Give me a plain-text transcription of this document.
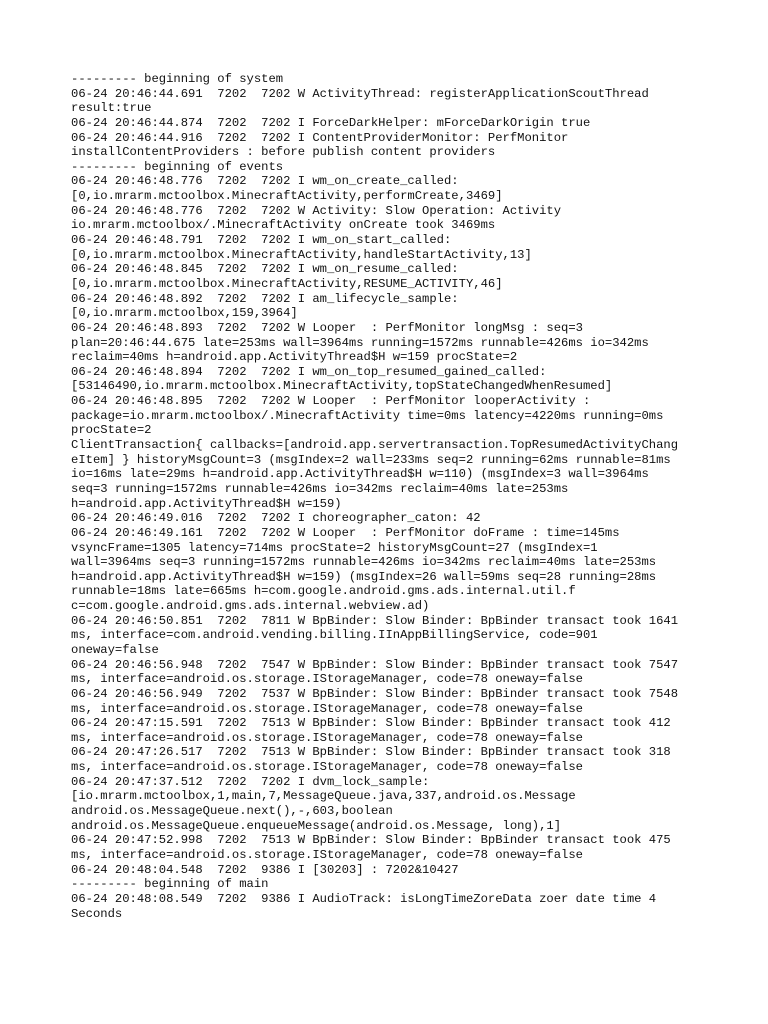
--------- beginning of system
06-24 20:46:44.691  7202  7202 W ActivityThread: registerApplicationScoutThread
result:true
06-24 20:46:44.874  7202  7202 I ForceDarkHelper: mForceDarkOrigin true
06-24 20:46:44.916  7202  7202 I ContentProviderMonitor: PerfMonitor
installContentProviders : before publish content providers
--------- beginning of events
06-24 20:46:48.776  7202  7202 I wm_on_create_called:
[0,io.mrarm.mctoolbox.MinecraftActivity,performCreate,3469]
06-24 20:46:48.776  7202  7202 W Activity: Slow Operation: Activity
io.mrarm.mctoolbox/.MinecraftActivity onCreate took 3469ms
06-24 20:46:48.791  7202  7202 I wm_on_start_called:
[0,io.mrarm.mctoolbox.MinecraftActivity,handleStartActivity,13]
06-24 20:46:48.845  7202  7202 I wm_on_resume_called:
[0,io.mrarm.mctoolbox.MinecraftActivity,RESUME_ACTIVITY,46]
06-24 20:46:48.892  7202  7202 I am_lifecycle_sample:
[0,io.mrarm.mctoolbox,159,3964]
06-24 20:46:48.893  7202  7202 W Looper  : PerfMonitor longMsg : seq=3
plan=20:46:44.675 late=253ms wall=3964ms running=1572ms runnable=426ms io=342ms
reclaim=40ms h=android.app.ActivityThread$H w=159 procState=2
06-24 20:46:48.894  7202  7202 I wm_on_top_resumed_gained_called:
[53146490,io.mrarm.mctoolbox.MinecraftActivity,topStateChangedWhenResumed]
06-24 20:46:48.895  7202  7202 W Looper  : PerfMonitor looperActivity :
package=io.mrarm.mctoolbox/.MinecraftActivity time=0ms latency=4220ms running=0ms
procState=2
ClientTransaction{ callbacks=[android.app.servertransaction.TopResumedActivityChang
eItem] } historyMsgCount=3 (msgIndex=2 wall=233ms seq=2 running=62ms runnable=81ms
io=16ms late=29ms h=android.app.ActivityThread$H w=110) (msgIndex=3 wall=3964ms
seq=3 running=1572ms runnable=426ms io=342ms reclaim=40ms late=253ms
h=android.app.ActivityThread$H w=159)
06-24 20:46:49.016  7202  7202 I choreographer_caton: 42
06-24 20:46:49.161  7202  7202 W Looper  : PerfMonitor doFrame : time=145ms
vsyncFrame=1305 latency=714ms procState=2 historyMsgCount=27 (msgIndex=1
wall=3964ms seq=3 running=1572ms runnable=426ms io=342ms reclaim=40ms late=253ms
h=android.app.ActivityThread$H w=159) (msgIndex=26 wall=59ms seq=28 running=28ms
runnable=18ms late=665ms h=com.google.android.gms.ads.internal.util.f
c=com.google.android.gms.ads.internal.webview.ad)
06-24 20:46:50.851  7202  7811 W BpBinder: Slow Binder: BpBinder transact took 1641
ms, interface=com.android.vending.billing.IInAppBillingService, code=901
oneway=false
06-24 20:46:56.948  7202  7547 W BpBinder: Slow Binder: BpBinder transact took 7547
ms, interface=android.os.storage.IStorageManager, code=78 oneway=false
06-24 20:46:56.949  7202  7537 W BpBinder: Slow Binder: BpBinder transact took 7548
ms, interface=android.os.storage.IStorageManager, code=78 oneway=false
06-24 20:47:15.591  7202  7513 W BpBinder: Slow Binder: BpBinder transact took 412
ms, interface=android.os.storage.IStorageManager, code=78 oneway=false
06-24 20:47:26.517  7202  7513 W BpBinder: Slow Binder: BpBinder transact took 318
ms, interface=android.os.storage.IStorageManager, code=78 oneway=false
06-24 20:47:37.512  7202  7202 I dvm_lock_sample:
[io.mrarm.mctoolbox,1,main,7,MessageQueue.java,337,android.os.Message
android.os.MessageQueue.next(),-,603,boolean
android.os.MessageQueue.enqueueMessage(android.os.Message, long),1]
06-24 20:47:52.998  7202  7513 W BpBinder: Slow Binder: BpBinder transact took 475
ms, interface=android.os.storage.IStorageManager, code=78 oneway=false
06-24 20:48:04.548  7202  9386 I [30203] : 7202&10427
--------- beginning of main
06-24 20:48:08.549  7202  9386 I AudioTrack: isLongTimeZoreData zoer date time 4
Seconds
